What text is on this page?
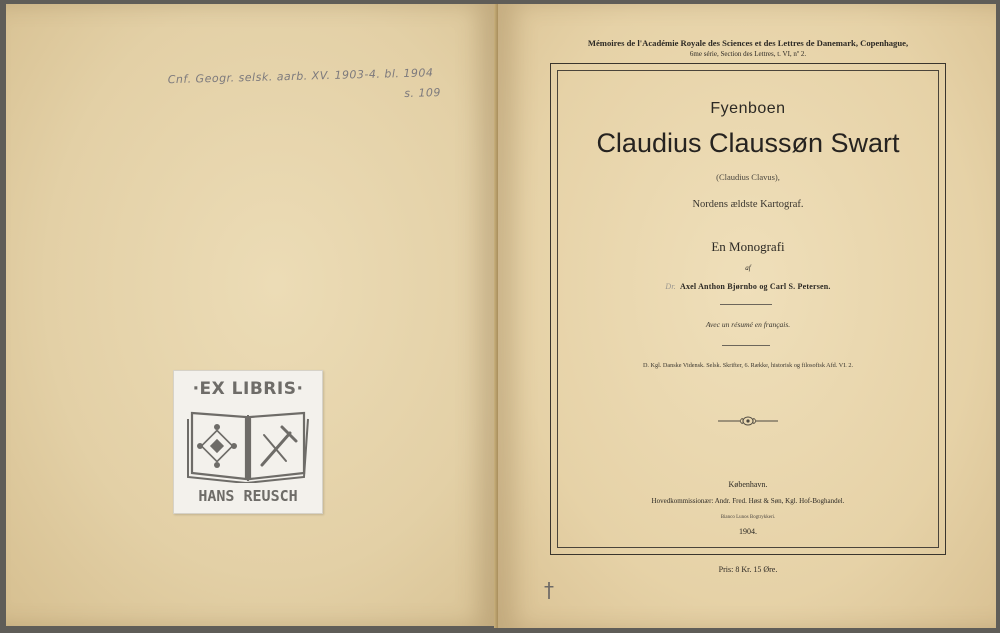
Cnf. Geogr. selsk. aarb. XV. 1903-4. bl. 1904
s. 109
·EX LIBRIS·
HANS REUSCH
Mémoires de l'Académie Royale des Sciences et des Lettres de Danemark, Copenhague,
6me série, Section des Lettres, t. VI, nº 2.
Fyenboen
Claudius Claussøn Swart
(Claudius Clavus),
Nordens ældste Kartograf.
En Monografi
af
Dr. Axel Anthon Bjørnbo og Carl S. Petersen.
Avec un résumé en français.
D. Kgl. Danske Vidensk. Selsk. Skrifter, 6. Række, historisk og filosofisk Afd. VI. 2.
København.
Hovedkommissionær: Andr. Fred. Høst & Søn, Kgl. Hof-Boghandel.
Bianco Lunos Bogtrykkeri.
1904.
Pris: 8 Kr. 15 Øre.
†
